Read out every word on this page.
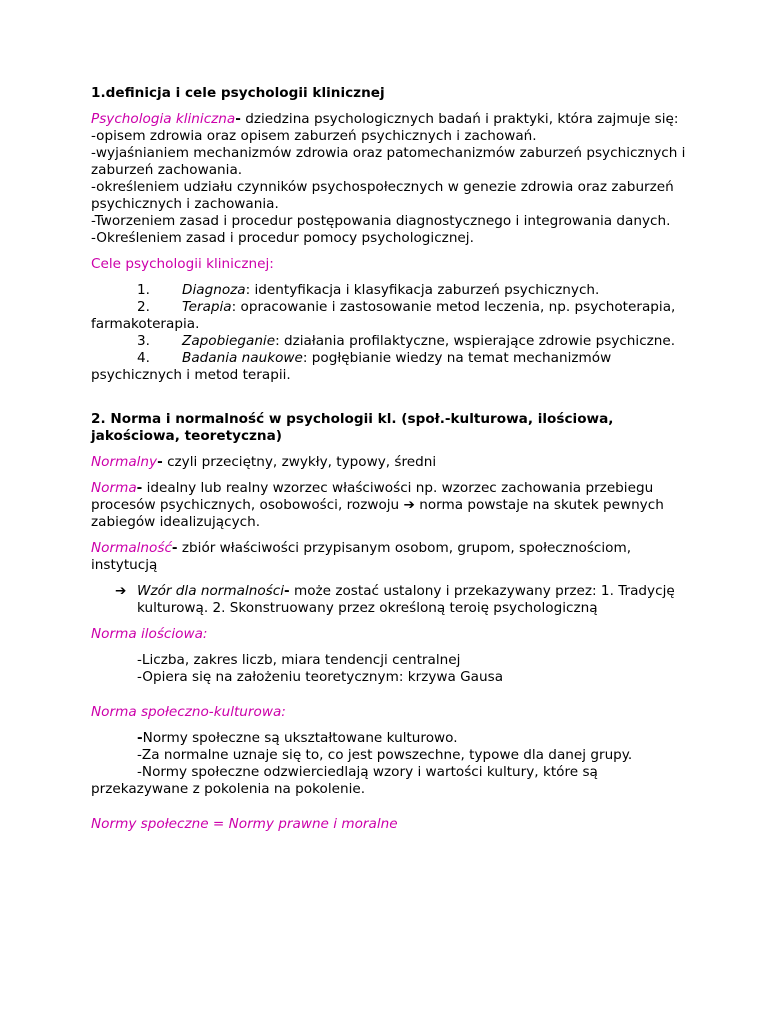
1.definicja i cele psychologii klinicznej
Psychologia kliniczna- dziedzina psychologicznych badań i praktyki, która zajmuje się:
-opisem zdrowia oraz opisem zaburzeń psychicznych i zachowań.
-wyjaśnianiem mechanizmów zdrowia oraz patomechanizmów zaburzeń psychicznych i zaburzeń zachowania.
-określeniem udziału czynników psychospołecznych w genezie zdrowia oraz zaburzeń psychicznych i zachowania.
-Tworzeniem zasad i procedur postępowania diagnostycznego i integrowania danych.
-Określeniem zasad i procedur pomocy psychologicznej.
Cele psychologii klinicznej:
1. Diagnoza: identyfikacja i klasyfikacja zaburzeń psychicznych.
2. Terapia: opracowanie i zastosowanie metod leczenia, np. psychoterapia, farmakoterapia.
3. Zapobieganie: działania profilaktyczne, wspierające zdrowie psychiczne.
4. Badania naukowe: pogłębianie wiedzy na temat mechanizmów psychicznych i metod terapii.
2. Norma i normalność w psychologii kl. (społ.-kulturowa, ilościowa, jakościowa, teoretyczna)
Normalny- czyli przeciętny, zwykły, typowy, średni
Norma- idealny lub realny wzorzec właściwości np. wzorzec zachowania przebiegu procesów psychicznych, osobowości, rozwoju ➔ norma powstaje na skutek pewnych zabiegów idealizujących.
Normalność- zbiór właściwości przypisanym osobom, grupom, społecznościom, instytucją
➔ Wzór dla normalności- może zostać ustalony i przekazywany przez: 1. Tradycję kulturową. 2. Skonstruowany przez określoną teroię psychologiczną
Norma ilościowa:
-Liczba, zakres liczb, miara tendencji centralnej
-Opiera się na założeniu teoretycznym: krzywa Gausa
Norma społeczno-kulturowa:
-Normy społeczne są ukształtowane kulturowo.
-Za normalne uznaje się to, co jest powszechne, typowe dla danej grupy.
-Normy społeczne odzwierciedlają wzory i wartości kultury, które są przekazywane z pokolenia na pokolenie.
Normy społeczne = Normy prawne i moralne
